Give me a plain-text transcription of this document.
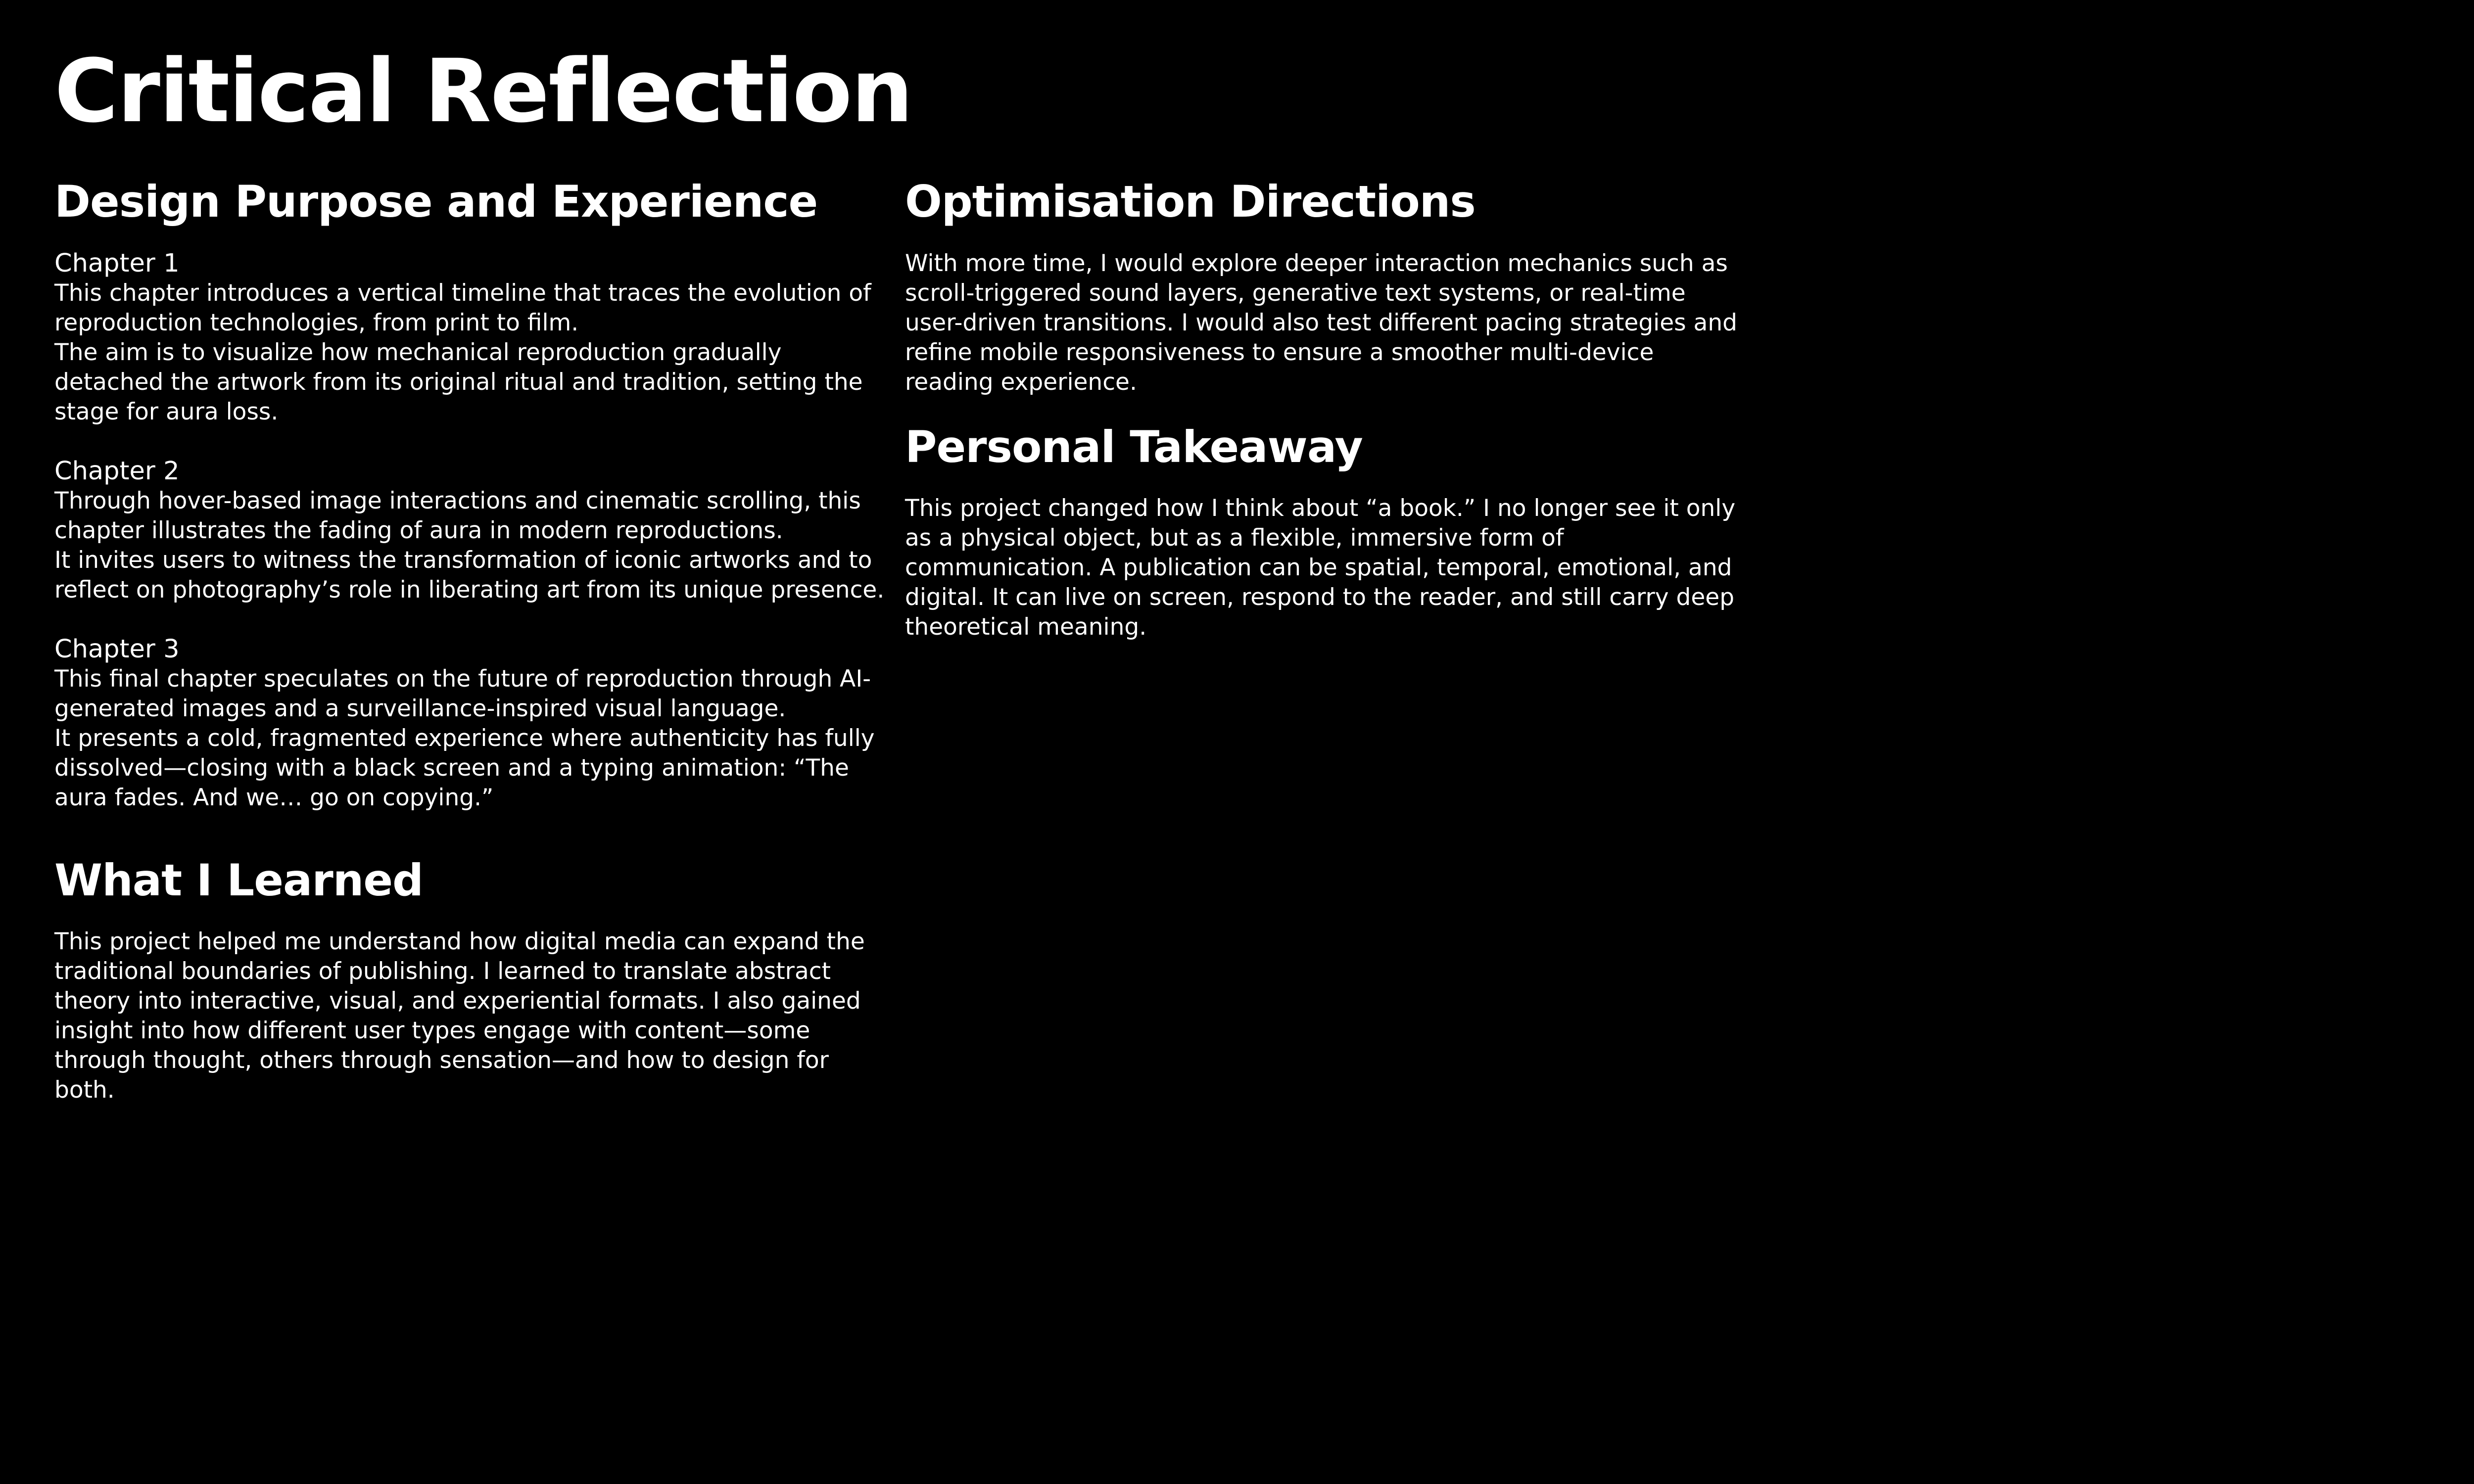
Critical Reflection
Design Purpose and Experience
Chapter 1

This chapter introduces a vertical timeline that traces the evolution of reproduction technologies, from print to film.

The aim is to visualize how mechanical reproduction gradually detached the artwork from its original ritual and tradition, setting the stage for aura loss.

Chapter 2

Through hover-based image interactions and cinematic scrolling, this chapter illustrates the fading of aura in modern reproductions.

It invites users to witness the transformation of iconic artworks and to reflect on photography’s role in liberating art from its unique presence.

Chapter 3

This final chapter speculates on the future of reproduction through AI-generated images and a surveillance-inspired visual language.

It presents a cold, fragmented experience where authenticity has fully dissolved—closing with a black screen and a typing animation: “The aura fades. And we… go on copying.”

What I Learned

This project helped me understand how digital media can expand the traditional boundaries of publishing. I learned to translate abstract theory into interactive, visual, and experiential formats. I also gained insight into how different user types engage with content—some through thought, others through sensation—and how to design for both.

Optimisation Directions

With more time, I would explore deeper interaction mechanics such as scroll-triggered sound layers, generative text systems, or real-time user-driven transitions. I would also test different pacing strategies and refine mobile responsiveness to ensure a smoother multi-device reading experience.

Personal Takeaway

This project changed how I think about “a book.” I no longer see it only as a physical object, but as a flexible, immersive form of communication. A publication can be spatial, temporal, emotional, and digital. It can live on screen, respond to the reader, and still carry deep theoretical meaning.
